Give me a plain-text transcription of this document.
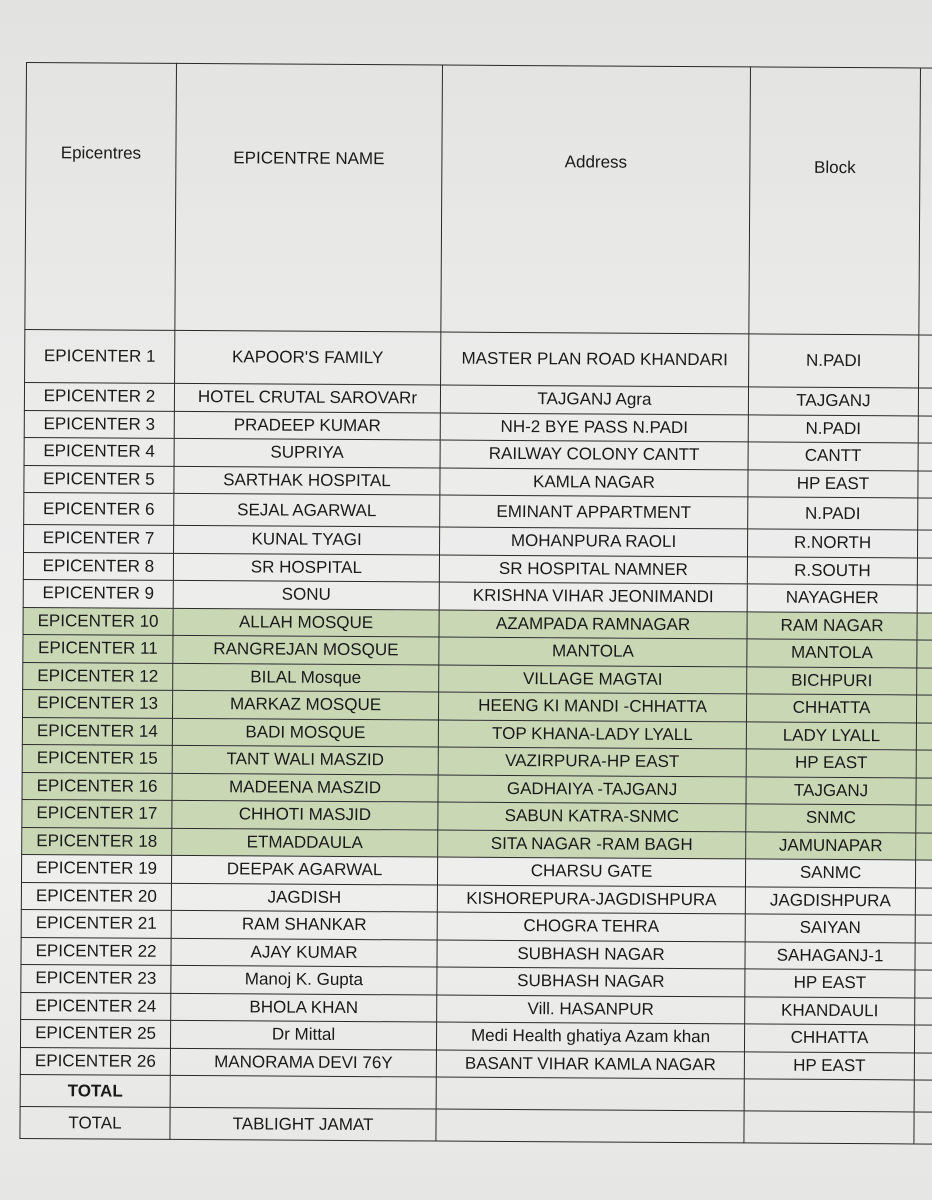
Epicentres	EPICENTRE NAME	Address	Block	
EPICENTER 1	KAPOOR'S FAMILY	MASTER PLAN ROAD KHANDARI	N.PADI	
EPICENTER 2	HOTEL CRUTAL SAROVARr	TAJGANJ Agra	TAJGANJ	
EPICENTER 3	PRADEEP KUMAR	NH-2 BYE PASS N.PADI	N.PADI	
EPICENTER 4	SUPRIYA	RAILWAY COLONY CANTT	CANTT	
EPICENTER 5	SARTHAK HOSPITAL	KAMLA NAGAR	HP EAST	
EPICENTER 6	SEJAL AGARWAL	EMINANT APPARTMENT	N.PADI	
EPICENTER 7	KUNAL TYAGI	MOHANPURA RAOLI	R.NORTH	
EPICENTER 8	SR HOSPITAL	SR HOSPITAL NAMNER	R.SOUTH	
EPICENTER 9	SONU	KRISHNA VIHAR JEONIMANDI	NAYAGHER	
EPICENTER 10	ALLAH MOSQUE	AZAMPADA RAMNAGAR	RAM NAGAR	
EPICENTER 11	RANGREJAN MOSQUE	MANTOLA	MANTOLA	
EPICENTER 12	BILAL Mosque	VILLAGE MAGTAI	BICHPURI	
EPICENTER 13	MARKAZ MOSQUE	HEENG KI MANDI -CHHATTA	CHHATTA	
EPICENTER 14	BADI MOSQUE	TOP KHANA-LADY LYALL	LADY LYALL	
EPICENTER 15	TANT WALI MASZID	VAZIRPURA-HP EAST	HP EAST	
EPICENTER 16	MADEENA MASZID	GADHAIYA -TAJGANJ	TAJGANJ	
EPICENTER 17	CHHOTI MASJID	SABUN KATRA-SNMC	SNMC	
EPICENTER 18	ETMADDAULA	SITA NAGAR -RAM BAGH	JAMUNAPAR	
EPICENTER 19	DEEPAK AGARWAL	CHARSU GATE	SANMC	
EPICENTER 20	JAGDISH	KISHOREPURA-JAGDISHPURA	JAGDISHPURA	
EPICENTER 21	RAM SHANKAR	CHOGRA TEHRA	SAIYAN	
EPICENTER 22	AJAY KUMAR	SUBHASH NAGAR	SAHAGANJ-1	
EPICENTER 23	Manoj K. Gupta	SUBHASH NAGAR	HP EAST	
EPICENTER 24	BHOLA KHAN	Vill. HASANPUR	KHANDAULI	
EPICENTER 25	Dr Mittal	Medi Health ghatiya Azam khan	CHHATTA	
EPICENTER 26	MANORAMA DEVI 76Y	BASANT VIHAR KAMLA NAGAR	HP EAST	
TOTAL				
TOTAL	TABLIGHT JAMAT			
